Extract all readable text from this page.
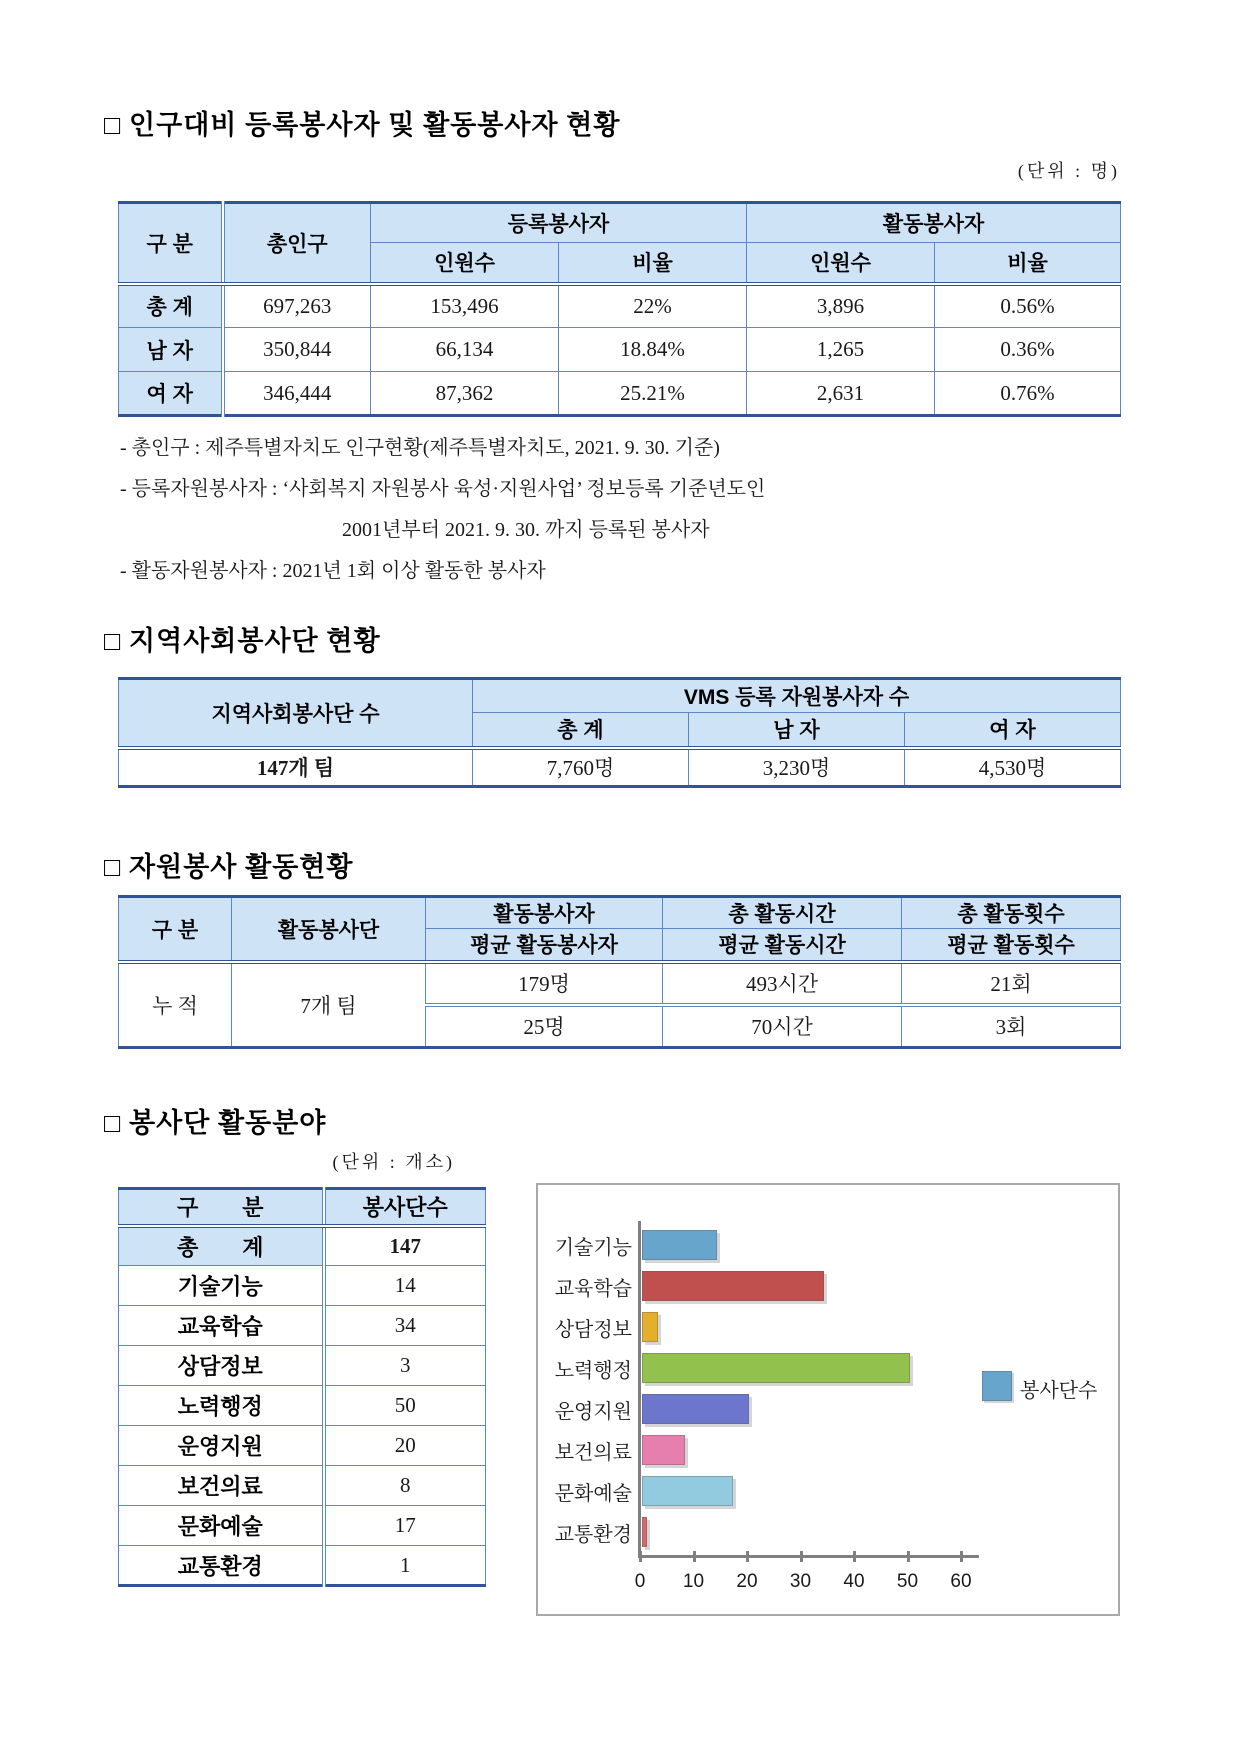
□ 인구대비 등록봉사자 및 활동봉사자 현황
(단위 : 명)
구 분	총인구	등록봉사자		활동봉사자	
		인원수	비율	인원수	비율
총 계	697,263	153,496	22%	3,896	0.56%
남 자	350,844	66,134	18.84%	1,265	0.36%
여 자	346,444	87,362	25.21%	2,631	0.76%
- 총인구 : 제주특별자치도 인구현황(제주특별자치도, 2021. 9. 30. 기준)
- 등록자원봉사자 : ‘사회복지 자원봉사 육성·지원사업’ 정보등록 기준년도인
2001년부터 2021. 9. 30. 까지 등록된 봉사자
- 활동자원봉사자 : 2021년 1회 이상 활동한 봉사자
□ 지역사회봉사단 현황
지역사회봉사단 수	VMS 등록 자원봉사자 수		
	총 계	남 자	여 자
147개 팀	7,760명	3,230명	4,530명
□ 자원봉사 활동현황
구 분	활동봉사단	활동봉사자	총 활동시간	총 활동횟수
		평균 활동봉사자	평균 활동시간	평균 활동횟수
누 적	7개 팀	179명	493시간	21회
		25명	70시간	3회
□ 봉사단 활동분야
(단위 : 개소)
구　　분	봉사단수
총　　계	147
기술기능	14
교육학습	34
상담정보	3
노력행정	50
운영지원	20
보건의료	8
문화예술	17
교통환경	1
봉사단수
기술기능
교육학습
상담정보
노력행정
운영지원
보건의료
문화예술
교통환경
0	10	20	30	40	50	60
